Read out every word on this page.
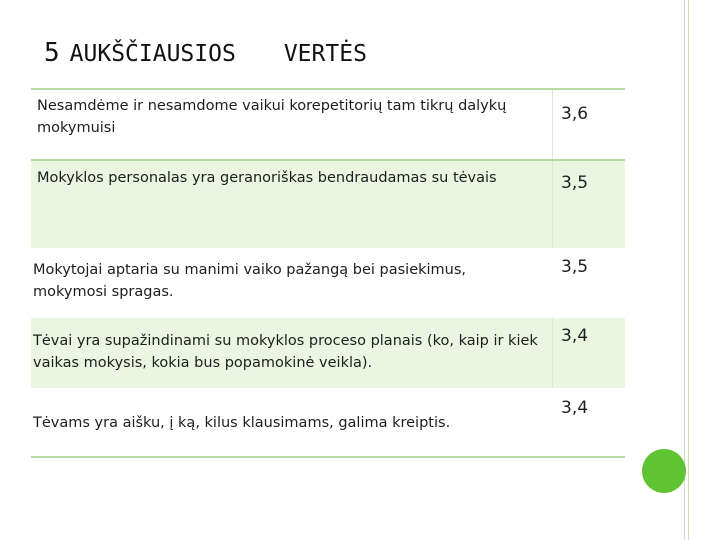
5 AUKŠČIAUSIOS VERTĖS
Nesamdėme ir nesamdome vaikui korepetitorių tam tikrų dalykų mokymuisi
3,6
Mokyklos personalas yra geranoriškas bendraudamas su tėvais	3,5
Mokytojai aptaria su manimi vaiko pažangą bei pasiekimus, mokymosi spragas.
3,5
Tėvai yra supažindinami su mokyklos proceso planais (ko, kaip ir kiek vaikas mokysis, kokia bus popamokinė veikla).
3,4
Tėvams yra aišku, į ką, kilus klausimams, galima kreiptis.
3,4
